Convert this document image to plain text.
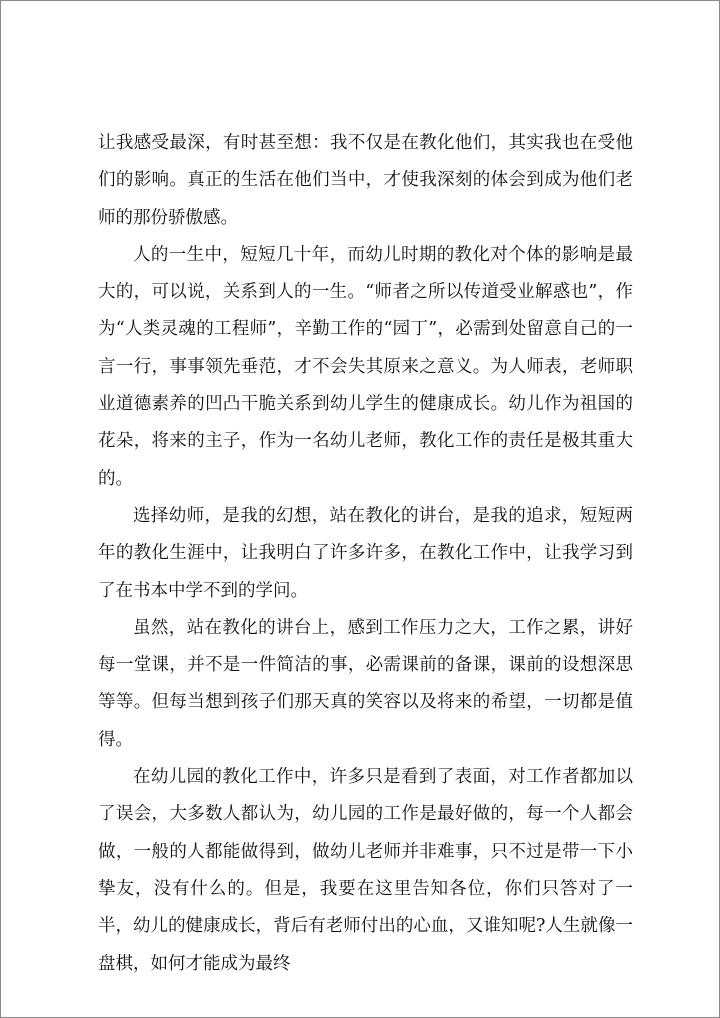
让我感受最深，有时甚至想：我不仅是在教化他们，其实我也在受他们的影响。真正的生活在他们当中，才使我深刻的体会到成为他们老师的那份骄傲感。

人的一生中，短短几十年，而幼儿时期的教化对个体的影响是最大的，可以说，关系到人的一生。“师者之所以传道受业解惑也”，作为“人类灵魂的工程师”，辛勤工作的“园丁”，必需到处留意自己的一言一行，事事领先垂范，才不会失其原来之意义。为人师表，老师职业道德素养的凹凸干脆关系到幼儿学生的健康成长。幼儿作为祖国的花朵，将来的主子，作为一名幼儿老师，教化工作的责任是极其重大的。

选择幼师，是我的幻想，站在教化的讲台，是我的追求，短短两年的教化生涯中，让我明白了许多许多，在教化工作中，让我学习到了在书本中学不到的学问。

虽然，站在教化的讲台上，感到工作压力之大，工作之累，讲好每一堂课，并不是一件简洁的事，必需课前的备课，课前的设想深思等等。但每当想到孩子们那天真的笑容以及将来的希望，一切都是值得。

在幼儿园的教化工作中，许多只是看到了表面，对工作者都加以了误会，大多数人都认为，幼儿园的工作是最好做的，每一个人都会做，一般的人都能做得到，做幼儿老师并非难事，只不过是带一下小挚友，没有什么的。但是，我要在这里告知各位，你们只答对了一半，幼儿的健康成长，背后有老师付出的心血，又谁知呢?人生就像一盘棋，如何才能成为最终
